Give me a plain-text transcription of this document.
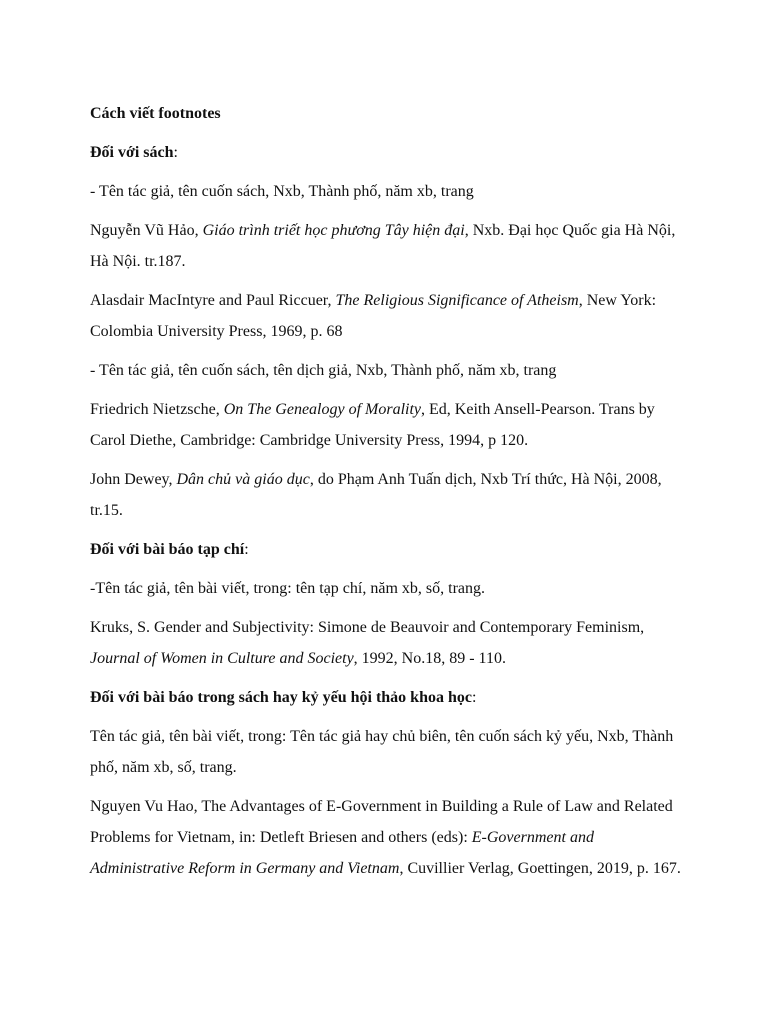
Cách viết footnotes

Đối với sách:

- Tên tác giả, tên cuốn sách, Nxb, Thành phố, năm xb, trang

Nguyễn Vũ Hảo, Giáo trình triết học phương Tây hiện đại, Nxb. Đại học Quốc gia Hà Nội, Hà Nội. tr.187.

Alasdair MacIntyre and Paul Riccuer, The Religious Significance of Atheism, New York: Colombia University Press, 1969, p. 68

- Tên tác giả, tên cuốn sách, tên dịch giả, Nxb, Thành phố, năm xb, trang

Friedrich Nietzsche, On The Genealogy of Morality, Ed, Keith Ansell-Pearson. Trans by Carol Diethe, Cambridge: Cambridge University Press, 1994, p 120.

John Dewey, Dân chủ và giáo dục, do Phạm Anh Tuấn dịch, Nxb Trí thức, Hà Nội, 2008, tr.15.

Đối với bài báo tạp chí:

-Tên tác giả, tên bài viết, trong: tên tạp chí, năm xb, số, trang.

Kruks, S. Gender and Subjectivity: Simone de Beauvoir and Contemporary Feminism, Journal of Women in Culture and Society, 1992, No.18, 89 - 110.

Đối với bài báo trong sách hay kỷ yếu hội thảo khoa học:

Tên tác giả, tên bài viết, trong: Tên tác giả hay chủ biên, tên cuốn sách kỷ yếu, Nxb, Thành phố, năm xb, số, trang.

Nguyen Vu Hao, The Advantages of E-Government in Building a Rule of Law and Related Problems for Vietnam, in: Detleft Briesen and others (eds): E-Government and Administrative Reform in Germany and Vietnam, Cuvillier Verlag, Goettingen, 2019, p. 167.
